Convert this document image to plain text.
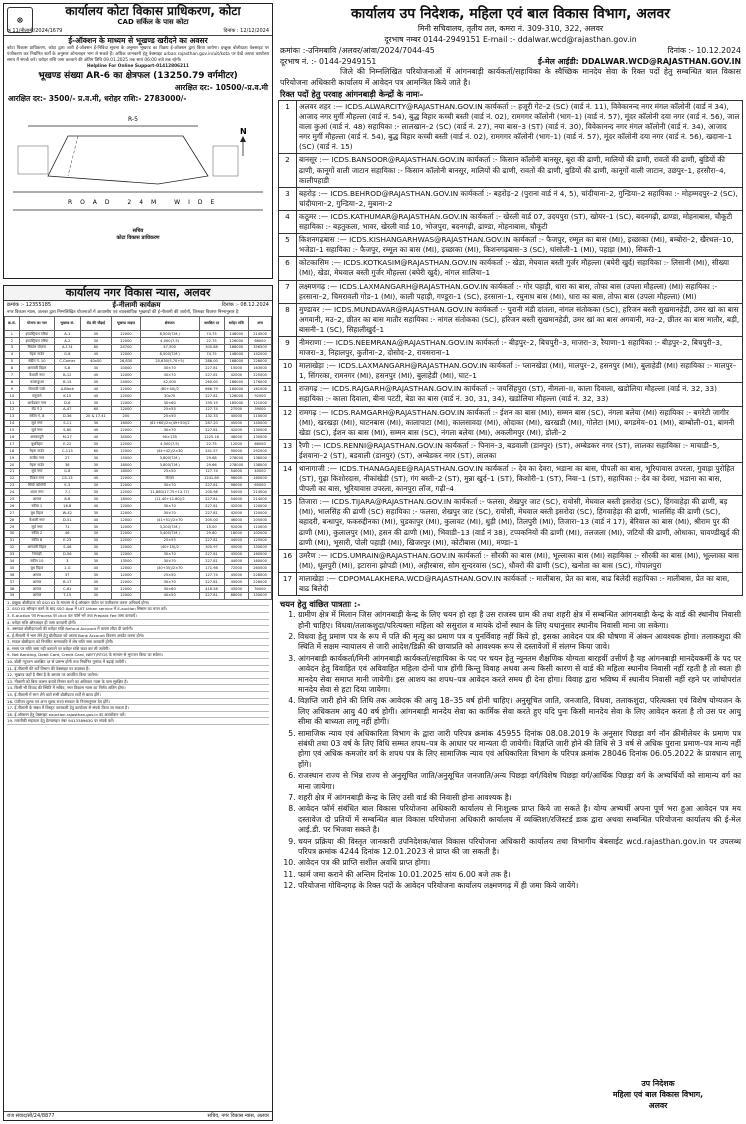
☸
कार्यालय कोटा विकास प्राधिकरण, कोटा
CAD सर्किल के पास कोटा
क्र 11/नीलामी/2024/1679	दिनांक : 12/12/2024
ई-ऑक्शन के माध्यम से भूखण्ड खरीदने का अवसर
कोटा विकास प्राधिकरण, कोटा द्वारा जारी ई-ऑक्शन ई-निविदा सूचना के अनुसार भूखण्ड का विक्रय ई-ऑक्शन द्वारा किया जायेगा। इच्छुक बोलीदाता वेबसाइट पर पंजीकरण कर निर्धारित शर्तों के अनुसार ऑनलाइन भाग ले सकते हैं। अधिक जानकारी हेतु वेबसाइट urban.rajasthan.gov.in/uit/kota पर देखें अथवा कार्यालय समय में संपर्क करें। धरोहर राशि जमा करवाने की अंतिम तिथि 09.01.2025 तक सायं 06:00 बजे तक रहेगी।
Helpline For Online Support-01412806211
भूखण्ड संख्या AR-6 का क्षेत्रफल (13250.79 वर्गमीटर)
आरक्षित दर:- 10500/-प्र.व.मी
आरक्षित दर:- 3500/- प्र.व.मी, धरोहर राशि:- 2783000/-
R-5
ROAD 24M WIDE
N
सचिव
कोटा विकास प्राधिकरण
कार्यालय नगर विकास न्यास, अलवर
क्रमांक :- 12355185	ई-नीलामी कार्यक्रम	दिनांक :- 08.12.2024
नगर विकास न्यास, अलवर द्वारा निम्नलिखित योजनाओं में आवासीय एवं व्यावसायिक भूखण्डों की ई-नीलामी की जायेगी, जिसका विवरण निम्नानुसार है:
क्र.सं.	योजना का नाम	भूखण्ड सं.	रोड की चौड़ाई	भूखण्ड साइज	क्षेत्रफल	आरक्षित दर	धरोहर राशि	अन्य
1	इण्डस्ट्रियल एरिया	A-1	30	12000	8,500(T.M.)	74.75	148000	214500
2	इण्डस्ट्रियल एरिया	A-2	30	12000	4,000(7.5)	22.75	126000	66000
3	विस्तार योजना	A-174	80	24700	47,500	300.88	168000	356500
4	नेहरू गार्डन	G-8	40	12000	8,500(T.M.)	74.75	148000	142000
5	स्कीम नं. 10	C-Corner	40x50	26,830	20,630(5,70+5)	286.00	168000	226000
6	अरावली विहार	S-8	30	10000	30×70	227.81	15000	163000
7	वैशाली नगर	B-12	40	12000	30×70	227.81	42000	225000
8	कालाकुआं	B-15	30	24000	42,000	260.00	166000	176000
9	शिवाजी पार्क	A-Block	40	12000	(80+40)/2	666.79	160000	161000
10	मनुमार्ग	K-15	40	12000	30x70	227.81	126000	92000
11	अम्बेडकर नगर	D-6	30	12000	30×60	195.19	185000	121000
12	रोड नं 2	A-47	60	12000	25×55	127.74	27000	39000
13	स्कीम नं. 8	D-36	20 & 17.41	200	25×50	132.33	40000	110000
14	सूर्य नगर	S-11	30	16000	(61+60)/2×(49+50)/2	287.20	45000	140000
15	सूर्य नगर	S-60	40	12000	30×70	227.81	42000	130000
16	अलकापुरी	M-27	40	34000	90×135	1225.16	48000	130000
17	बुधविहार	E-22	30	12000	4,500(7.5)	22.75	12000	66000
18	नेहरू गार्डन	C-113	60	12000	(44+42)/2×30	241.57	90000	292000
19	राजीव नगर	27	30	15000	3,800(T.M.)	29.68	278000	138000
20	नेहरू गार्डन	38	30	18000	3,800(T.M.)	29.66	278000	138000
21	सूर्य नगर	G-8	40	18000	25×50	127.74	54000	40000
22	विजय नगर	CS-13	40	12000	गोल्डन	1241.80	96000	160000
23	सिंधी कॉलोनी	E-3	30	12000	30×70	227.81	96000	65000
24	श्याम नगर	7-J	30	12000	11,880(17.75+13.77)	200.98	54000	214000
25	अलवर	8-8	30	18000	(11.40+11.80)/2	227.81	54000	214000
26	स्कीम 1	16-B	40	12000	30×70	227.81	42000	120000
27	बुध विहार	W-42	30	12000	30×70	227.81	42000	120000
28	वैशाली नगर	D-51	40	12000	(41+51)/2×70	205.00	46000	205000
29	सूर्य नगर	71	30	12000	3,200(T.M.)	15.00	92000	110000
30	स्कीम 2	46	30	12000	3,400(T.M.)	29.60	16000	102000
31	स्कीम 8	E-23	30	12000	25×55	227.81	44000	125000
32	अरावली विहार	S-46	30	12000	(40+15)/2	305.97	45000	150000
33	भिवाड़ी	D-56	30	12000	30×70	227.81	45000	160000
34	स्कीम 10	3	30	13500	30×70	227.81	44000	160000
35	बुध विहार	1-G	40	12000	(30+35)/2×70	171.98	72000	260000
36	अलवर	37	30	12000	25×50	127.74	45000	228000
37	अलवर	B-17	30	12000	30×70	227.81	45000	226000
38	अलवर	C-61	30	12000	30×60	418.58	45000	30000
39	अलवर	T-15	30	12000	40×50	227.81	88000	150000
1. इच्छुक बोलीदाता को SSO ID के माध्यम से ई-ऑक्शन पोर्टल पर पंजीकरण करना अनिवार्य होगा।
2. SSO ID लॉगइन करने के बाद SSO App में UIT Urban service में E-auction सिस्टम का चयन करें।
3. E-auction एवं Process पर click कर फॉर्म भरें तथा Prepaid Fee जमा करवायें।
4. धरोहर राशि ऑनलाइन ही जमा करवानी होगी।
5. असफल बोलीदाताओं की धरोहर राशि Refund Account में वापस लौटा दी जायेगी।
6. ई-नीलामी में भाग लेने हेतु बोलीदाता को अपना Bank Account विवरण अपडेट करना होगा।
7. सफल बोलीदाता को निर्धारित समयावधि में शेष राशि जमा करवानी होगी।
8. समय पर राशि जमा नहीं करवाने पर धरोहर राशि जब्त कर ली जायेगी।
9. Net Banking, Debit Card, Credit Card, NEFT/RTGS के माध्यम से भुगतान किया जा सकेगा।
10. बोली न्यूनतम आरक्षित दर से प्रारम्भ होगी तथा निर्धारित गुणांक में बढ़ाई जायेगी।
11. ई-नीलामी की शर्तें विभाग की वेबसाइट पर उपलब्ध हैं।
12. भूखण्ड जहाँ है जैसा है के आधार पर आवंटित किया जायेगा।
13. नीलामी को बिना कारण बताये निरस्त करने का अधिकार न्यास के पास सुरक्षित है।
14. किसी भी विवाद की स्थिति में सचिव, नगर विकास न्यास का निर्णय अंतिम होगा।
15. ई-नीलामी में भाग लेने वाले सभी बोलीदाता शर्तों से बाध्य होंगे।
16. पंजीयन शुल्क एवं अन्य शुल्क राज्य सरकार के नियमानुसार देय होंगे।
17. ई-नीलामी के संबंध में विस्तृत जानकारी हेतु कार्यालय से संपर्क किया जा सकता है।
18. ई-ऑक्शन हेतु वेबसाइट eauction.rajasthan.gov.in का अवलोकन करें।
19. तकनीकी सहायता हेतु हेल्पलाइन नंबर 9413389630 पर संपर्क करें।
राज संवाद/सी/24/8877	सचिव, नगर विकास न्यास, अलवर
कार्यालय उप निदेशक, महिला एवं बाल विकास विभाग, अलवर
मिनी सचिवालय, तृतीय तल, कमरा नं. 309-310, 322, अलवर
दूरभाष नम्बर 0144-2949151 E-mail :- ddalwar.wcd@rajasthan.gov.in
क्रमांकः :-उनिमबावि /अलवर/आंवा/2024/7044-45	दिनांक :- 10.12.2024
दूरभाष नं. :- 0144-2949151	ई-मेल आईडी: DDALWAR.WCD@RAJASTHAN.GOV.IN
जिले की निम्नलिखित परियोजनाओं में आंगनबाड़ी कार्यकर्ता/सहायिका के स्वैच्छिक मानदेय सेवा के रिक्त पदों हेतु सम्बन्धित बाल विकास परियोजना अधिकारी कार्यालय में आवेदन पत्र आमन्त्रित किये जाते है।
रिक्त पदों हेतु परवाह आंगनबाड़ी केन्द्रों के नामः–
1	अलवर शहर :— ICDS.ALWARCITY@RAJASTHAN.GOV.IN कार्यकर्ता :- हजूरी गेट–2 (SC) (वार्ड नं. 11), विवेकानन्द नगर मंगल कॉलोनी (वार्ड नं 34), आजाद नगर मुर्गी मौहल्ला (वार्ड नं. 54), बुद्ध विहार कच्ची बस्ती (वार्ड नं. 02), रामगगर कॉलोनी (भाग–1) (वार्ड नं. 57), मूंदर कॉलोनी दया नगर (वार्ड नं. 56), जाल वाला कुआं (वार्ड नं. 48) सहायिका :- लालखान–2 (SC) (वार्ड नं. 27), नया बास–3 (ST) (वार्ड नं. 30), विवेकानन्द नगर मंगल कॉलोनी (वार्ड नं. 34), आजाद नगर मुर्गी मौहल्ला (वार्ड नं. 54), बुद्ध विहार कच्ची बस्ती (वार्ड नं. 02), रामगगर कॉलोनी (भाग–1) (वार्ड नं. 57), मूंदर कॉलोनी दया नगर (वार्ड नं. 56), खदाना–1 (SC) (वार्ड नं. 15)
2	बानसूर :— ICDS.BANSOOR@RAJASTHAN.GOV.IN कार्यकर्ता :- किसान कॉलोनी बानसूर, बूरा की ढाणी, मालियों की ढाणी, रावतों की ढाणी, बुडियों की ढाणी, कानूगों वाली जाटान सहायिका :- किसान कॉलोनी बानसूर, मालियों की ढाणी, रावतों की ढाणी, बुडियों की ढाणी, कानूगों वाली जाटान, उछपुर–1, हरसौरा–4, कालीपहाडी
3	बहरोड़ :— ICDS.BEHROD@RAJASTHAN.GOV.IN कार्यकर्ता :- बहरोड़–2 (पुराना वार्ड नं 4, 5), चांदीयाना–2, गुन्डिया–2 सहायिका :- मोहम्मदपुर–2 (SC), चांदीयाना–2, गुन्डिया–2, मुबाना–2
4	कठूमर :— ICDS.KATHUMAR@RAJASTHAN.GOV.IN कार्यकर्ता :- खेरली वार्ड 07, उदयपुरा (ST), खोयर–1 (SC), बदनगढ़ी, ढाण्डा, मोहनाबास, चौकूटी सहायिका :- बहतुकला, भावर, खेरली वार्ड 10, भोजपुरा, बदनगढ़ी, ढाण्डा, मोहनाबास, चौकूटी
5	किशनगढ़बास :— ICDS.KISHANGARHWAS@RAJASTHAN.GOV.IN कार्यकर्ता :- फैजपुर, रम्मूल का बास (MI), इच्छाका (MI), बम्बोरा–2, खैरथल–10, भजेडा–1 सहायिका :- फैजपुर, रम्मूल का बास (MI), इच्छाका (MI), किशनगढ़बास–3 (SC), धांसोली–1 (MI), पहाड़ा (MI), सिकरी–1
6	कोटकासिम :— ICDS.KOTKASIM@RAJASTHAN.GOV.IN कार्यकर्ता :- खेडा, मेघवाल बस्ती गुर्जर मौहल्ला (बघेरी खुर्द) सहायिका :- लिसानी (MI), सीख्या (MI), खेडा, मेघवाल बस्ती गुर्जर मौहल्ला (बघेरी खुर्द), नांगल सालिया–1
7	लक्ष्मणगढ़ :— ICDS.LAXMANGARH@RAJASTHAN.GOV.IN कार्यकर्ता :- गोर पहाड़ी, धारा का बास, तोफा बास (उपला मौहल्ला) (MI) सहायिका :- हरसाना–2, चिमरावली गोड–1 (MI), काली पहाड़ी, गण्डूरा–1 (SC), हरसाना–1, रघुनाथ बास (MI), धारा का बास, तोफा बास (उपला मौहल्ला) (MI)
8	मुण्डावर :— ICDS.MUNDAVAR@RAJASTHAN.GOV.IN कार्यकर्ता :- पुरानी मंडी दांतला, नांगल संतोकका (SC), हरिजन बस्ती सुखमानहेडी, उमर खां का बास अगवानी, मउ–2, छीतर का बास मातौर सहायिका :- नांगल संतोकका (SC), हरिजन बस्ती सुखमानहेडी, उमर खां का बास अगवानी, मउ–2, छीतर का बास मातौर, बड़ी, बासनी–1 (SC), सिहालीखुर्द–1
9	नीमराणा :— ICDS.NEEMRANA@RAJASTHAN.GOV.IN कार्यकर्ता :- बीड़पुर–2, बिचपुरी–3, माजरा–3, रैयाणा–1 सहायिका :- बीड़पुर–2, बिचपुरी–3, माजरा–3, निहालपुर, कुतीना–2, दोसोद–2, रायसराना–1
10	मालाखेड़ा :— ICDS.LAXMANGARH@RAJASTHAN.GOV.IN कार्यकर्ता :- प्लानखेडा (MI), मालपुर–2, हसनपुर (MI), बुलाहेडी (MI) सहायिका :- मालपुर–1, सिंगरका, रामनगर (MI), हसनपुर (MI), बुलाहेडी (MI), घाट–1
11	राजगढ़ :— ICDS.RAJGARH@RAJASTHAN.GOV.IN कार्यकर्ता :- जयसिंहपुरा (ST), नीमला–II, काला दिवाला, खडोलिया मौहल्ला (वार्ड नं. 32, 33) सहायिका :- काला दिवाला, बीना पटटी, बेडा का बास (वार्ड नं. 30, 31, 34), खडोलिया मौहल्ला (वार्ड नं. 32, 33)
12	रामगढ़ :— ICDS.RAMGARH@RAJASTHAN.GOV.IN कार्यकर्ता :- ईशन का बास (MI), सम्मन बास (SC), नंगला बलेया (MI) सहायिका :- बगरेटी जागीर (MI), खरखड़ा (MI), घाटनबास (MI), कालापाटा (MI), कालसावदा (MI), ओदाका (MI), खरखडी (MI), गोलेटा (MI), बगडमेय–01 (MI), बाम्बोली–01, बामनी खेडा (SC), ईशन का बास (MI), सम्मन बास (SC), नंगला बलेया (MI), अकलीमपुर (MI), डोली–2
13	रैणी :— ICDS.RENNI@RAJASTHAN.GOV.IN कार्यकर्ता :- पिनान–3, बडवाली (डानपुर) (ST), अम्बेडकर नगर (ST), लालका सहायिका :- माचाडी–5, ईशवाना–2 (ST), बडवाली (डानपुर) (ST), अम्बेडकर नगर (ST), लालका
14	थानागाजी :— ICDS.THANAGAJEE@RAJASTHAN.GOV.IN कार्यकर्ता :- देव का देवरा, भडाना का बास, पीपली का बास, भूरियावास उपरला, गुवाड़ा पुरोहित (ST), गुढ़ा किशोरदास, नीकांखेडी (ST), गंग बस्ती–2 (ST), मुन्ना खुर्द–1 (ST), किशोरी–1 (ST), निवा–1 (ST), सहायिका :- देव का देवरा, भडाना का बास, पीपली का बास, भूरियावास उपरला, कानपुरा लॉज, गढ़ी–4
15	तिजारा :— ICDS.TIJARA@RAJASTHAN.GOV.IN कार्यकर्ता :- फलसा, शेखपुर जाट (SC), रायोसी, मेघवाल बस्ती इसरोदा (SC), हिंगवाहेड़ा की ढाणी, बड़ (MI), भालसिंह की ढाणी (SC) सहायिका :- फलसा, शेखपुर जाट (SC), रायोसी, मेघवाल बस्ती इसरोदा (SC), हिंगवाहेड़ा की ढाणी, भालसिंह की ढाणी (SC), बहादरी, बन्धापुर, फकरुद्दीनका (MI), घुडकापुर (MI), कुलावट (MI), धुड़ी (MI), तिलपुरी (MI), तिजारा–13 (वार्ड नं 17), बेरिवाल का बास (MI), श्रीराम पुर की ढाणी (MI), कुलालपुर (MI), हसन की ढाणी (MI), भिवाडी–13 (वार्ड नं 38), टप्पकनियों की ढाणी (MI), तलजला (MI), जटियों की ढाणी, ओधाका, चावण्डीखुर्द की ढाणी (MI), भूसारी, पोली पहाड़ी (MI), खिजरपुर (MI), कोटीबास (MI), मण्डा–1
16	उमरैण :— ICDS.UMRAIN@RAJASTHAN.GOV.IN कार्यकर्ता :- सौरकी का बास (MI), भूल्लाका बास (MI) सहायिका :- सौरकी का बास (MI), भूल्लाका बास (MI), धूलपुरी (MI), इटाराना झोपडी (MI), अहीरबास, सोम सुन्दरवास (SC), धौवरों की ढाणी (SC), खनोता का बास (SC), गोपालपुरा
17	मालाखेड़ा :— CDPOMALAKHERA.WCD@RAJASTHAN.GOV.IN कार्यकर्ता :- मालीबास, प्रेत का बास, बाढ बिलेदी सहायिका :- मालीबास, प्रेत का बास, बाढ बिलेदी
चयन हेतु वांछित पात्रताः :-
1. ग्रामीण क्षेत्र में मिलान जिस आंगनबाड़ी केन्द्र के लिए चयन हो रहा है उस राजस्व ग्राम की तथा शहरी क्षेत्र में सम्बन्धित आंगनबाड़ी केन्द्र के वार्ड की स्थानीय निवासी होनी चाहिए। विधवा/तलाकशुदा/परित्यक्ता महिला को ससुराल व मायके दोनों स्थान के लिए यथानुसार स्थानीय निवासी माना जा सकेगा।
2. विधवा हेतु प्रमाण पत्र के रूप में पति की मृत्यु का प्रमाण पत्र व पुनर्विवाह नहीं किये हो, इसका आवेदन पत्र की घोषणा में अंकन आवश्यक होगा। तलाकशुदा की स्थिति में सक्षम न्यायालय से जारी आदेश/डिक्री की छायाप्रति को आवश्यक रूप से दस्तावेजों में संलग्न किया जावे।
3. आंगनबाड़ी कार्यकर्ता/मिनी आंगनबाड़ी कार्यकर्ता/सहायिका के पद पर चयन हेतु न्यूनतम शैक्षणिक योग्यता बारहवीं उत्तीर्ण है यह आंगनबाड़ी मानदेयकर्मी के पद पर आवेदन हेतु विवाहित एवं अविवाहित महिला दोनों पात्र होंगी किन्तु विवाह अथवा अन्य किसी कारण से वार्ड की महिला स्थानीय निवासी नहीं रहती है तो स्वतः ही मानदेय सेवा समाप्त मानी जायेगी। इस आशय का शपथ–पत्र आवेदन करते समय ही देना होगा। विवाह द्वारा भविष्य में स्थानीय निवासी नहीं रहने पर जांचोपरांत मानदेय सेवा से हटा दिया जायेगा।
4. विज्ञप्ति जारी होने की तिथि तक आवेदक की आयु 18–35 वर्ष होनी चाहिए। अनुसूचित जाति, जनजाति, विधवा, तलाकशुदा, परित्यक्ता एवं विशेष योग्यजन के लिए अधिकतम आयु 40 वर्ष होगी। आंगनबाड़ी मानदेय सेवा का कार्मिक सेवा करते हुए यदि पुनः किसी मानदेय सेवा के लिए आवेदन करता है तो उस पर आयु सीमा की बाध्यता लागू नहीं होगी।
5. सामाजिक न्याय एवं अधिकारिता विभाग के द्वारा जारी परिपत्र क्रमांक 45955 दिनांक 08.08.2019 के अनुसार पिछड़ा वर्ग नॉन क्रीमीलेयर के प्रमाण पत्र संबंधी तथा 03 वर्ष के लिए विधि सम्मत शपथ–पत्र के आधार पर मान्यता दी जायेगी। विज्ञप्ति जारी होने की तिथि से 3 वर्ष से अधिक पुराना प्रमाण–पत्र मान्य नहीं होगा एवं अधिक कमजोर वर्ग के शपथ पत्र के लिए सामाजिक न्याय एवं अधिकारिता विभाग के परिपत्र क्रमांक 28046 दिनांक 06.05.2022 के प्रावधान लागू होंगे।
6. राजस्थान राज्य से भिन्न राज्य से अनुसूचित जाति/अनुसूचित जनजाति/अन्य पिछड़ा वर्ग/विशेष पिछड़ा वर्ग/आर्थिक पिछड़ा वर्ग के अभ्यर्थियों को सामान्य वर्ग का माना जायेगा।
7. शहरी क्षेत्र में आंगनबाड़ी केन्द्र के लिए उसी वार्ड की निवासी होना आवश्यक है।
8. आवेदन फॉर्म संबंधित बाल विकास परियोजना अधिकारी कार्यालय से निःशुल्क प्राप्त किये जा सकते है। योग्य अभ्यर्थी अपना पूर्ण भरा हुआ आवेदन पत्र मय दस्तावेज दो प्रतियों में सम्बन्धित बाल विकास परियोजना अधिकारी कार्यालय में व्यक्तिशः/रजिस्टर्ड डाक द्वारा अथवा सम्बन्धित परियोजना कार्यालय की ई-मेल आई.डी. पर भिजवा सकते है।
9. चयन प्रक्रिया की विस्तृत जानकारी उपनिदेशक/बाल विकास परियोजना अधिकारी कार्यालय तथा विभागीय बेबसाईट wcd.rajasthan.gov.in पर उपलब्ध परिपत्र क्रमांक 4244 दिनांक 12.01.2023 से प्राप्त की जा सकती है।
10. आवेदन पत्र की प्राप्ति सशील अवधि प्राप्त होगा।
11. फार्म जमा कराने की अन्तिम दिनांक 10.01.2025 सांय 6.00 बजे तक है।
12. परियोजना गोविन्दगढ़ के रिक्त पदों के आवेदन परियोजना कार्यालय लक्ष्मणगढ़ में ही जमा किये जायेंगे।
उप निदेशक
महिला एवं बाल विकास विभाग,
अलवर
